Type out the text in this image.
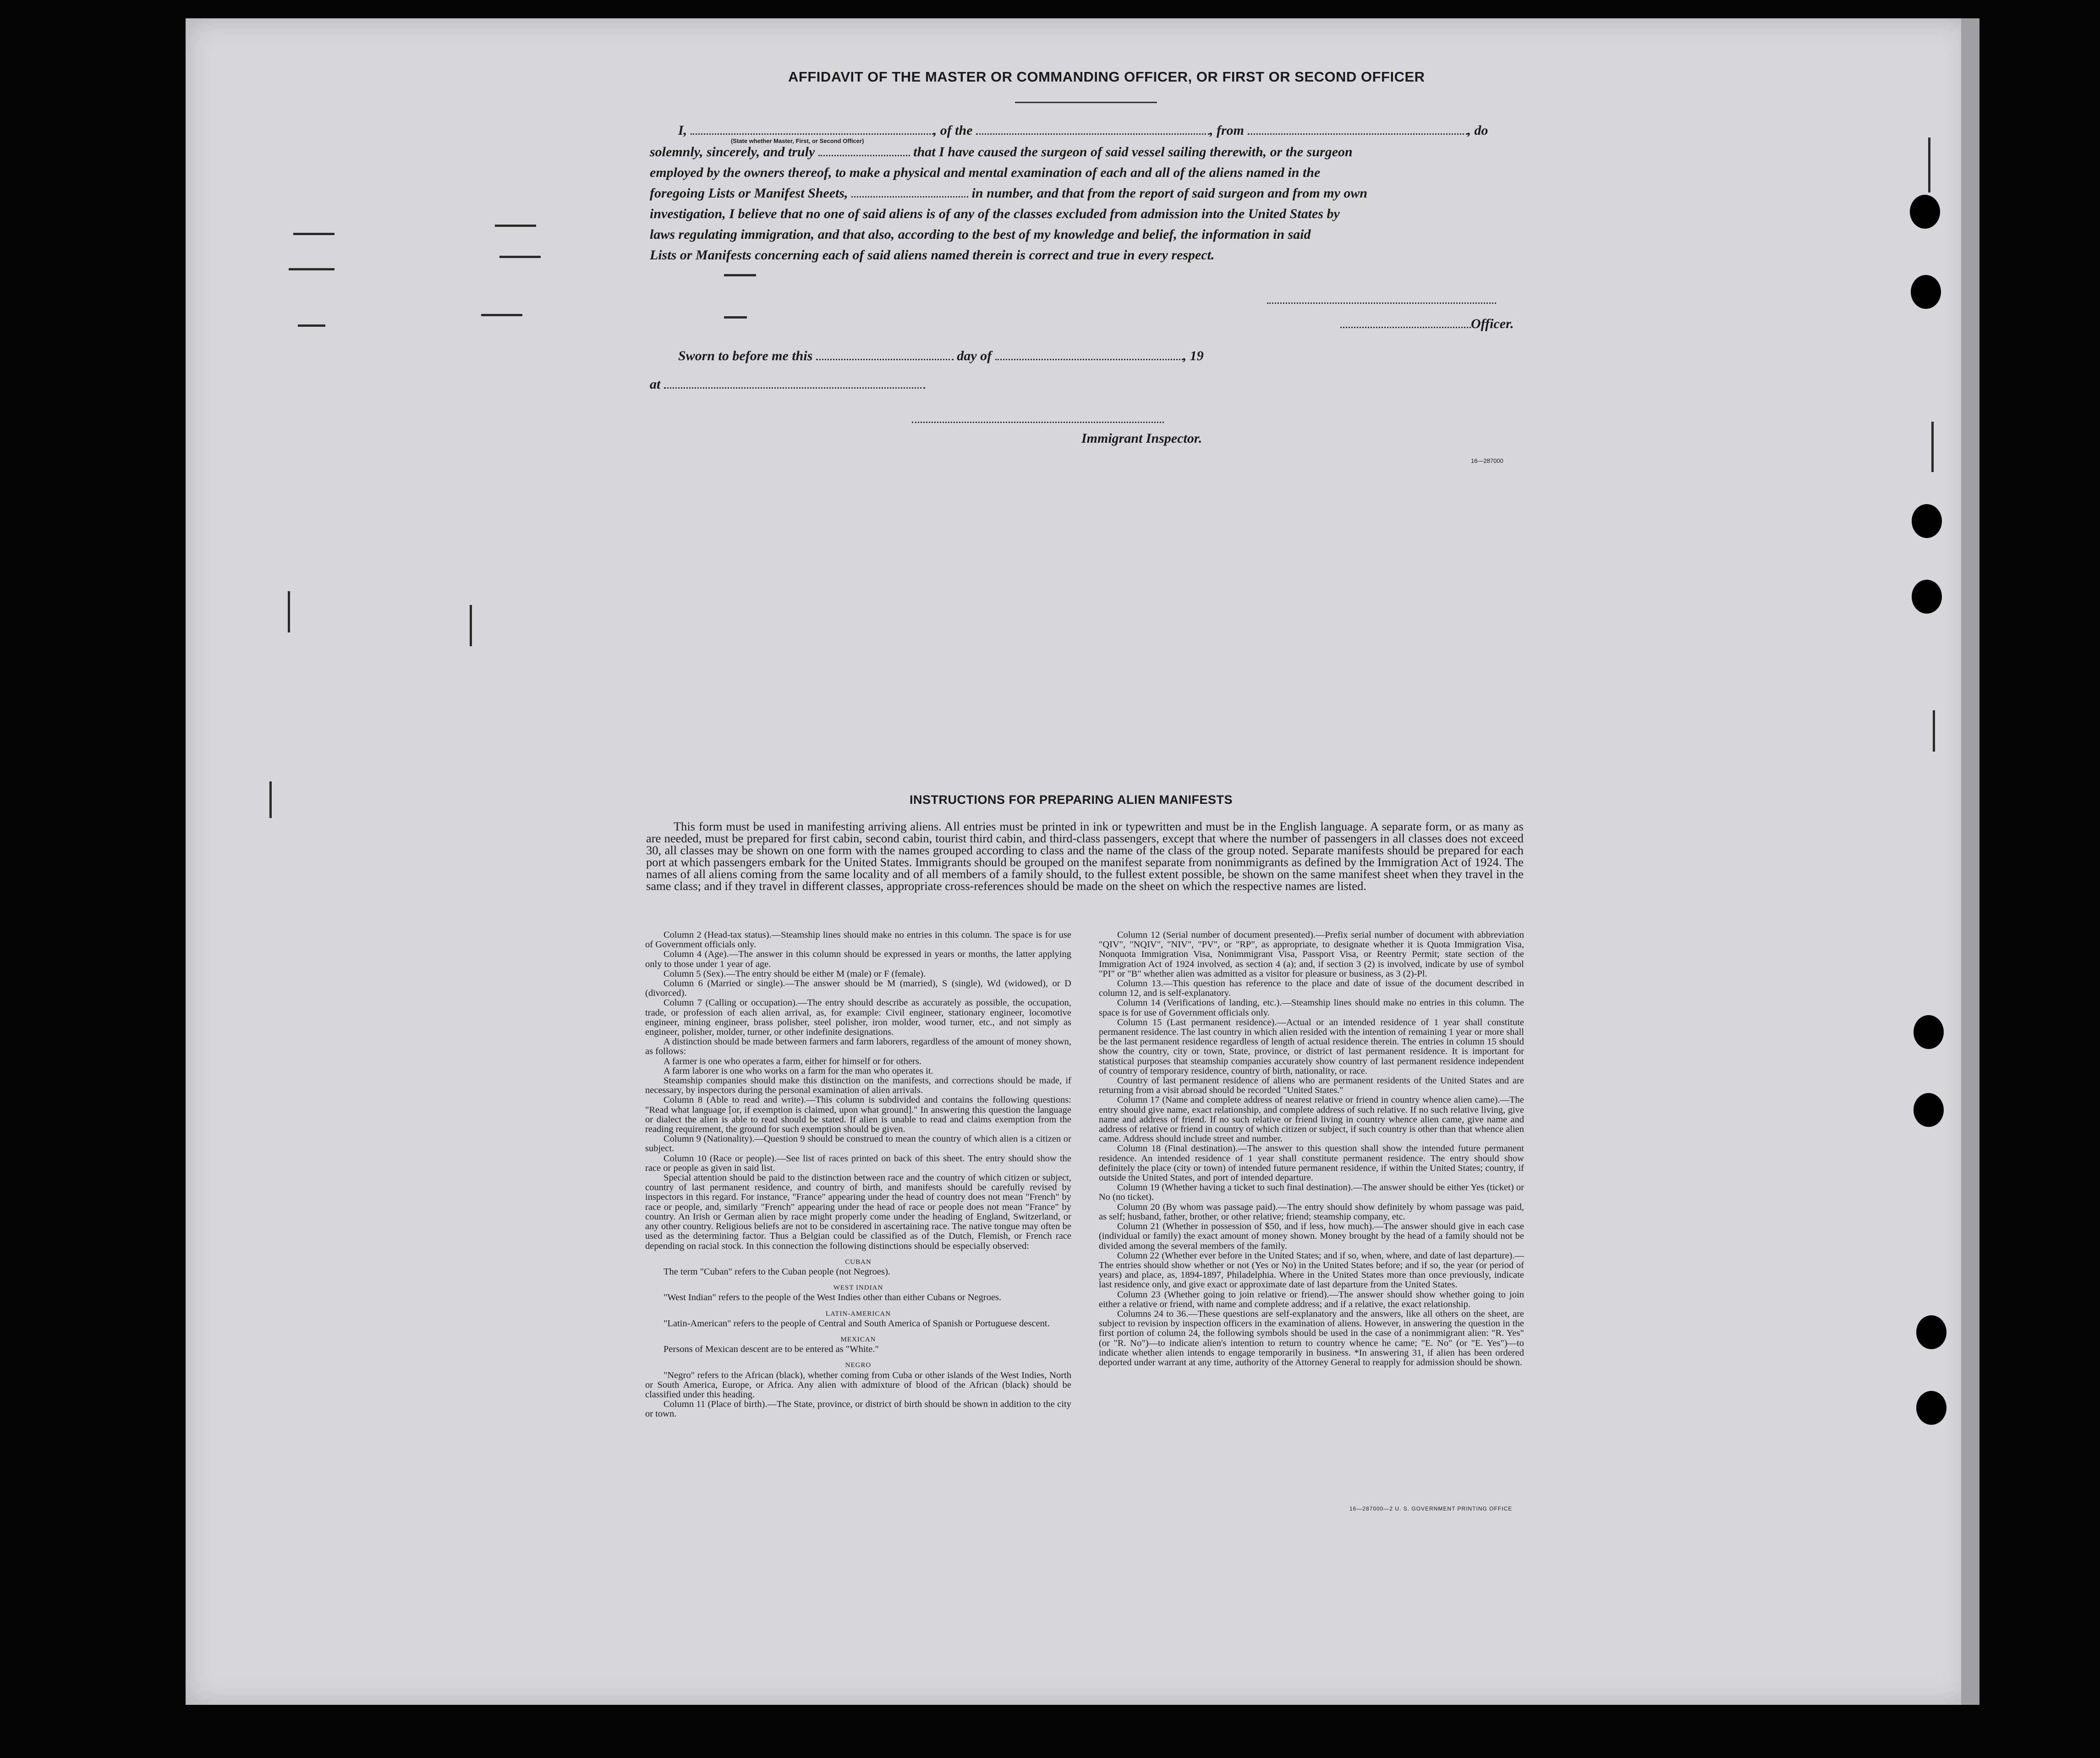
AFFIDAVIT OF THE MASTER OR COMMANDING OFFICER, OR FIRST OR SECOND OFFICER
I,	, of the	, from	, do
(State whether Master, First, or Second Officer)
solemnly, sincerely, and truly	that I have caused the surgeon of said vessel sailing therewith, or the surgeon
employed by the owners thereof, to make a physical and mental examination of each and all of the aliens named in the
foregoing Lists or Manifest Sheets,	in number, and that from the report of said surgeon and from my own
investigation, I believe that no one of said aliens is of any of the classes excluded from admission into the United States by
laws regulating immigration, and that also, according to the best of my knowledge and belief, the information in said
Lists or Manifests concerning each of said aliens named therein is correct and true in every respect.
Officer.
Sworn to before me this	day of	, 19
at
Immigrant Inspector.
16—287000
INSTRUCTIONS FOR PREPARING ALIEN MANIFESTS

This form must be used in manifesting arriving aliens. All entries must be printed in ink or typewritten and must be in the English language. A separate form, or as many as are needed, must be prepared for first cabin, second cabin, tourist third cabin, and third-class passengers, except that where the number of passengers in all classes does not exceed 30, all classes may be shown on one form with the names grouped according to class and the name of the class of the group noted. Separate manifests should be prepared for each port at which passengers embark for the United States. Immigrants should be grouped on the manifest separate from nonimmigrants as defined by the Immigration Act of 1924. The names of all aliens coming from the same locality and of all members of a family should, to the fullest extent possible, be shown on the same manifest sheet when they travel in the same class; and if they travel in different classes, appropriate cross-references should be made on the sheet on which the respective names are listed.

Column 2 (Head-tax status).—Steamship lines should make no entries in this column. The space is for use of Government officials only.

Column 4 (Age).—The answer in this column should be expressed in years or months, the latter applying only to those under 1 year of age.

Column 5 (Sex).—The entry should be either M (male) or F (female).

Column 6 (Married or single).—The answer should be M (married), S (single), Wd (widowed), or D (divorced).

Column 7 (Calling or occupation).—The entry should describe as accurately as possible, the occupation, trade, or profession of each alien arrival, as, for example: Civil engineer, stationary engineer, locomotive engineer, mining engineer, brass polisher, steel polisher, iron molder, wood turner, etc., and not simply as engineer, polisher, molder, turner, or other indefinite designations.

A distinction should be made between farmers and farm laborers, regardless of the amount of money shown, as follows:

A farmer is one who operates a farm, either for himself or for others.

A farm laborer is one who works on a farm for the man who operates it.

Steamship companies should make this distinction on the manifests, and corrections should be made, if necessary, by inspectors during the personal examination of alien arrivals.

Column 8 (Able to read and write).—This column is subdivided and contains the following questions: "Read what language [or, if exemption is claimed, upon what ground]." In answering this question the language or dialect the alien is able to read should be stated. If alien is unable to read and claims exemption from the reading requirement, the ground for such exemption should be given.

Column 9 (Nationality).—Question 9 should be construed to mean the country of which alien is a citizen or subject.

Column 10 (Race or people).—See list of races printed on back of this sheet. The entry should show the race or people as given in said list.

Special attention should be paid to the distinction between race and the country of which citizen or subject, country of last permanent residence, and country of birth, and manifests should be carefully revised by inspectors in this regard. For instance, "France" appearing under the head of country does not mean "French" by race or people, and, similarly "French" appearing under the head of race or people does not mean "France" by country. An Irish or German alien by race might properly come under the heading of England, Switzerland, or any other country. Religious beliefs are not to be considered in ascertaining race. The native tongue may often be used as the determining factor. Thus a Belgian could be classified as of the Dutch, Flemish, or French race depending on racial stock. In this connection the following distinctions should be especially observed:

CUBAN

The term "Cuban" refers to the Cuban people (not Negroes).

WEST INDIAN

"West Indian" refers to the people of the West Indies other than either Cubans or Negroes.

LATIN-AMERICAN

"Latin-American" refers to the people of Central and South America of Spanish or Portuguese descent.

MEXICAN

Persons of Mexican descent are to be entered as "White."

NEGRO

"Negro" refers to the African (black), whether coming from Cuba or other islands of the West Indies, North or South America, Europe, or Africa. Any alien with admixture of blood of the African (black) should be classified under this heading.

Column 11 (Place of birth).—The State, province, or district of birth should be shown in addition to the city or town.

Column 12 (Serial number of document presented).—Prefix serial number of document with abbreviation "QIV", "NQIV", "NIV", "PV", or "RP", as appropriate, to designate whether it is Quota Immigration Visa, Nonquota Immigration Visa, Nonimmigrant Visa, Passport Visa, or Reentry Permit; state section of the Immigration Act of 1924 involved, as section 4 (a); and, if section 3 (2) is involved, indicate by use of symbol "PI" or "B" whether alien was admitted as a visitor for pleasure or business, as 3 (2)-Pl.

Column 13.—This question has reference to the place and date of issue of the document described in column 12, and is self-explanatory.

Column 14 (Verifications of landing, etc.).—Steamship lines should make no entries in this column. The space is for use of Government officials only.

Column 15 (Last permanent residence).—Actual or an intended residence of 1 year shall constitute permanent residence. The last country in which alien resided with the intention of remaining 1 year or more shall be the last permanent residence regardless of length of actual residence therein. The entries in column 15 should show the country, city or town, State, province, or district of last permanent residence. It is important for statistical purposes that steamship companies accurately show country of last permanent residence independent of country of temporary residence, country of birth, nationality, or race.

Country of last permanent residence of aliens who are permanent residents of the United States and are returning from a visit abroad should be recorded "United States."

Column 17 (Name and complete address of nearest relative or friend in country whence alien came).—The entry should give name, exact relationship, and complete address of such relative. If no such relative living, give name and address of friend. If no such relative or friend living in country whence alien came, give name and address of relative or friend in country of which citizen or subject, if such country is other than that whence alien came. Address should include street and number.

Column 18 (Final destination).—The answer to this question shall show the intended future permanent residence. An intended residence of 1 year shall constitute permanent residence. The entry should show definitely the place (city or town) of intended future permanent residence, if within the United States; country, if outside the United States, and port of intended departure.

Column 19 (Whether having a ticket to such final destination).—The answer should be either Yes (ticket) or No (no ticket).

Column 20 (By whom was passage paid).—The entry should show definitely by whom passage was paid, as self; husband, father, brother, or other relative; friend; steamship company, etc.

Column 21 (Whether in possession of $50, and if less, how much).—The answer should give in each case (individual or family) the exact amount of money shown. Money brought by the head of a family should not be divided among the several members of the family.

Column 22 (Whether ever before in the United States; and if so, when, where, and date of last departure).—The entries should show whether or not (Yes or No) in the United States before; and if so, the year (or period of years) and place, as, 1894-1897, Philadelphia. Where in the United States more than once previously, indicate last residence only, and give exact or approximate date of last departure from the United States.

Column 23 (Whether going to join relative or friend).—The answer should show whether going to join either a relative or friend, with name and complete address; and if a relative, the exact relationship.

Columns 24 to 36.—These questions are self-explanatory and the answers, like all others on the sheet, are subject to revision by inspection officers in the examination of aliens. However, in answering the question in the first portion of column 24, the following symbols should be used in the case of a nonimmigrant alien: "R. Yes" (or "R. No")—to indicate alien's intention to return to country whence he came; "E. No" (or "E. Yes")—to indicate whether alien intends to engage temporarily in business. *In answering 31, if alien has been ordered deported under warrant at any time, authority of the Attorney General to reapply for admission should be shown.

16—287000—2 U. S. GOVERNMENT PRINTING OFFICE
